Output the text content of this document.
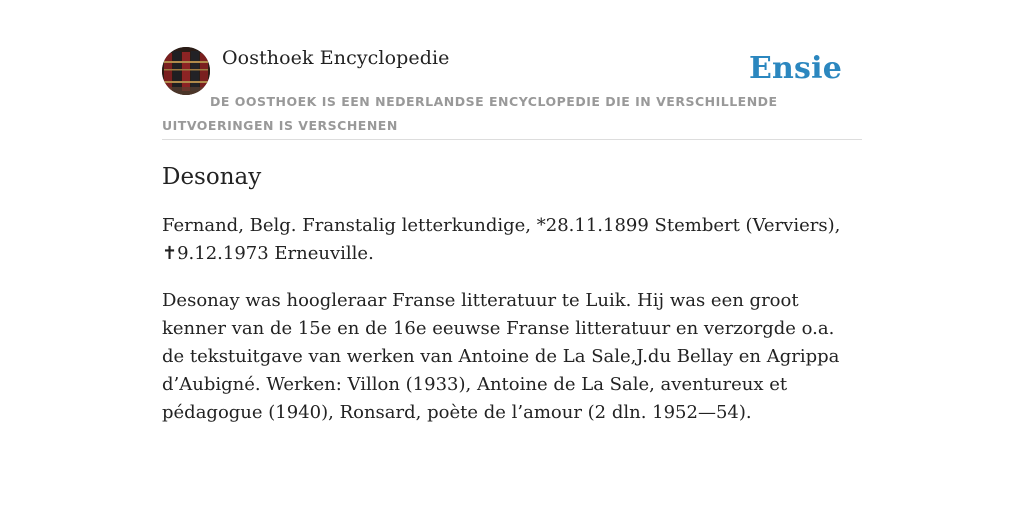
Oosthoek Encyclopedie	Ensie
DE OOSTHOEK IS EEN NEDERLANDSE ENCYCLOPEDIE DIE IN VERSCHILLENDE UITVOERINGEN IS VERSCHENEN
Desonay

Fernand, Belg. Franstalig letterkundige, *28.11.1899 Stembert (Verviers), ✝9.12.1973 Erneuville.

Desonay was hoogleraar Franse litteratuur te Luik. Hij was een groot kenner van de 15e en de 16e eeuwse Franse litteratuur en verzorgde o.a. de tekstuitgave van werken van Antoine de La Sale,J.du Bellay en Agrippa d’Aubigné. Werken: Villon (1933), Antoine de La Sale, aventureux et pédagogue (1940), Ronsard, poète de l’amour (2 dln. 1952—54).
